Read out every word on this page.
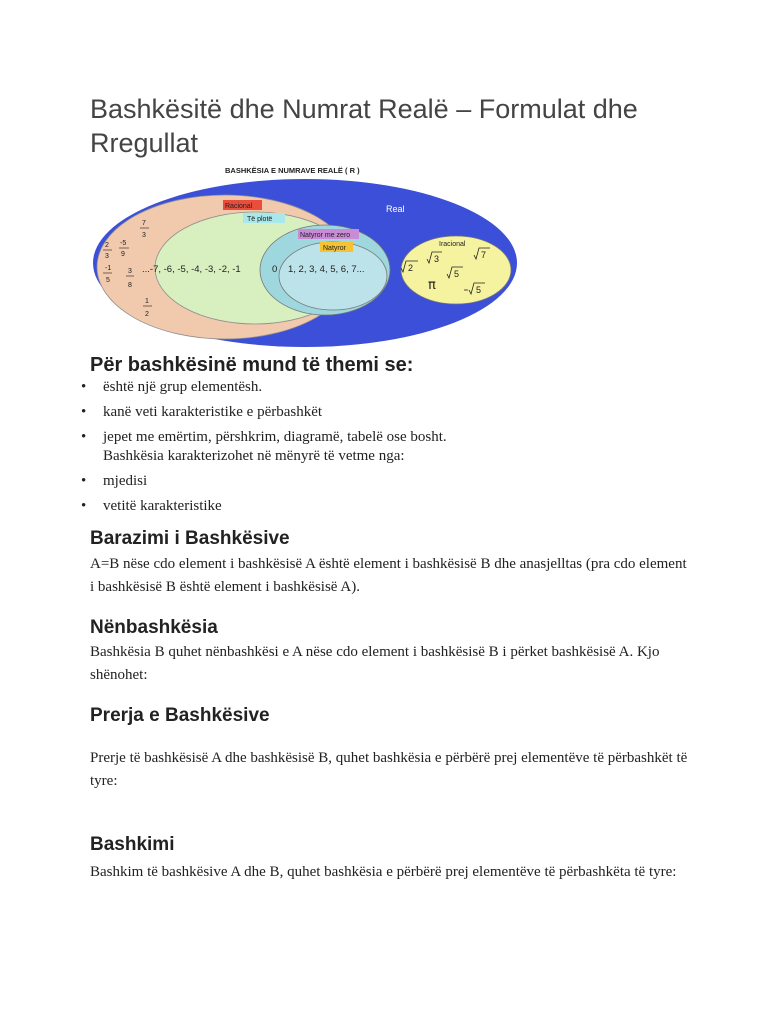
Bashkësitë dhe Numrat Realë – Formulat dhe Rregullat
BASHKËSIA E NUMRAVE REALË ( R )
Real
Racional
Të plotë
Natyror me zero
Natyror
Iracional
...-7, -6, -5, -4, -3, -2, -1	0 1, 2, 3, 4, 5, 6, 7...
π
2
3
-5
9
7
3
-1
5
3
8
1
2
2
3	7
5
5
Për bashkësinë mund të themi se:
• është një grup elementësh.
• kanë veti karakteristike e përbashkët
• jepet me emërtim, përshkrim, diagramë, tabelë ose bosht.
Bashkësia karakterizohet në mënyrë të vetme nga:
• mjedisi
• vetitë karakteristike
Barazimi i Bashkësive

A=B nëse cdo element i bashkësisë A është element i bashkësisë B dhe anasjelltas (pra cdo element i bashkësisë B është element i bashkësisë A).

Nënbashkësia

Bashkësia B quhet nënbashkësi e A nëse cdo element i bashkësisë B i përket bashkësisë A. Kjo shënohet:

Prerja e Bashkësive

Prerje të bashkësisë A dhe bashkësisë B, quhet bashkësia e përbërë prej elementëve të përbashkët të tyre:

Bashkimi

Bashkim të bashkësive A dhe B, quhet bashkësia e përbërë prej elementëve të përbashkëta të tyre:
